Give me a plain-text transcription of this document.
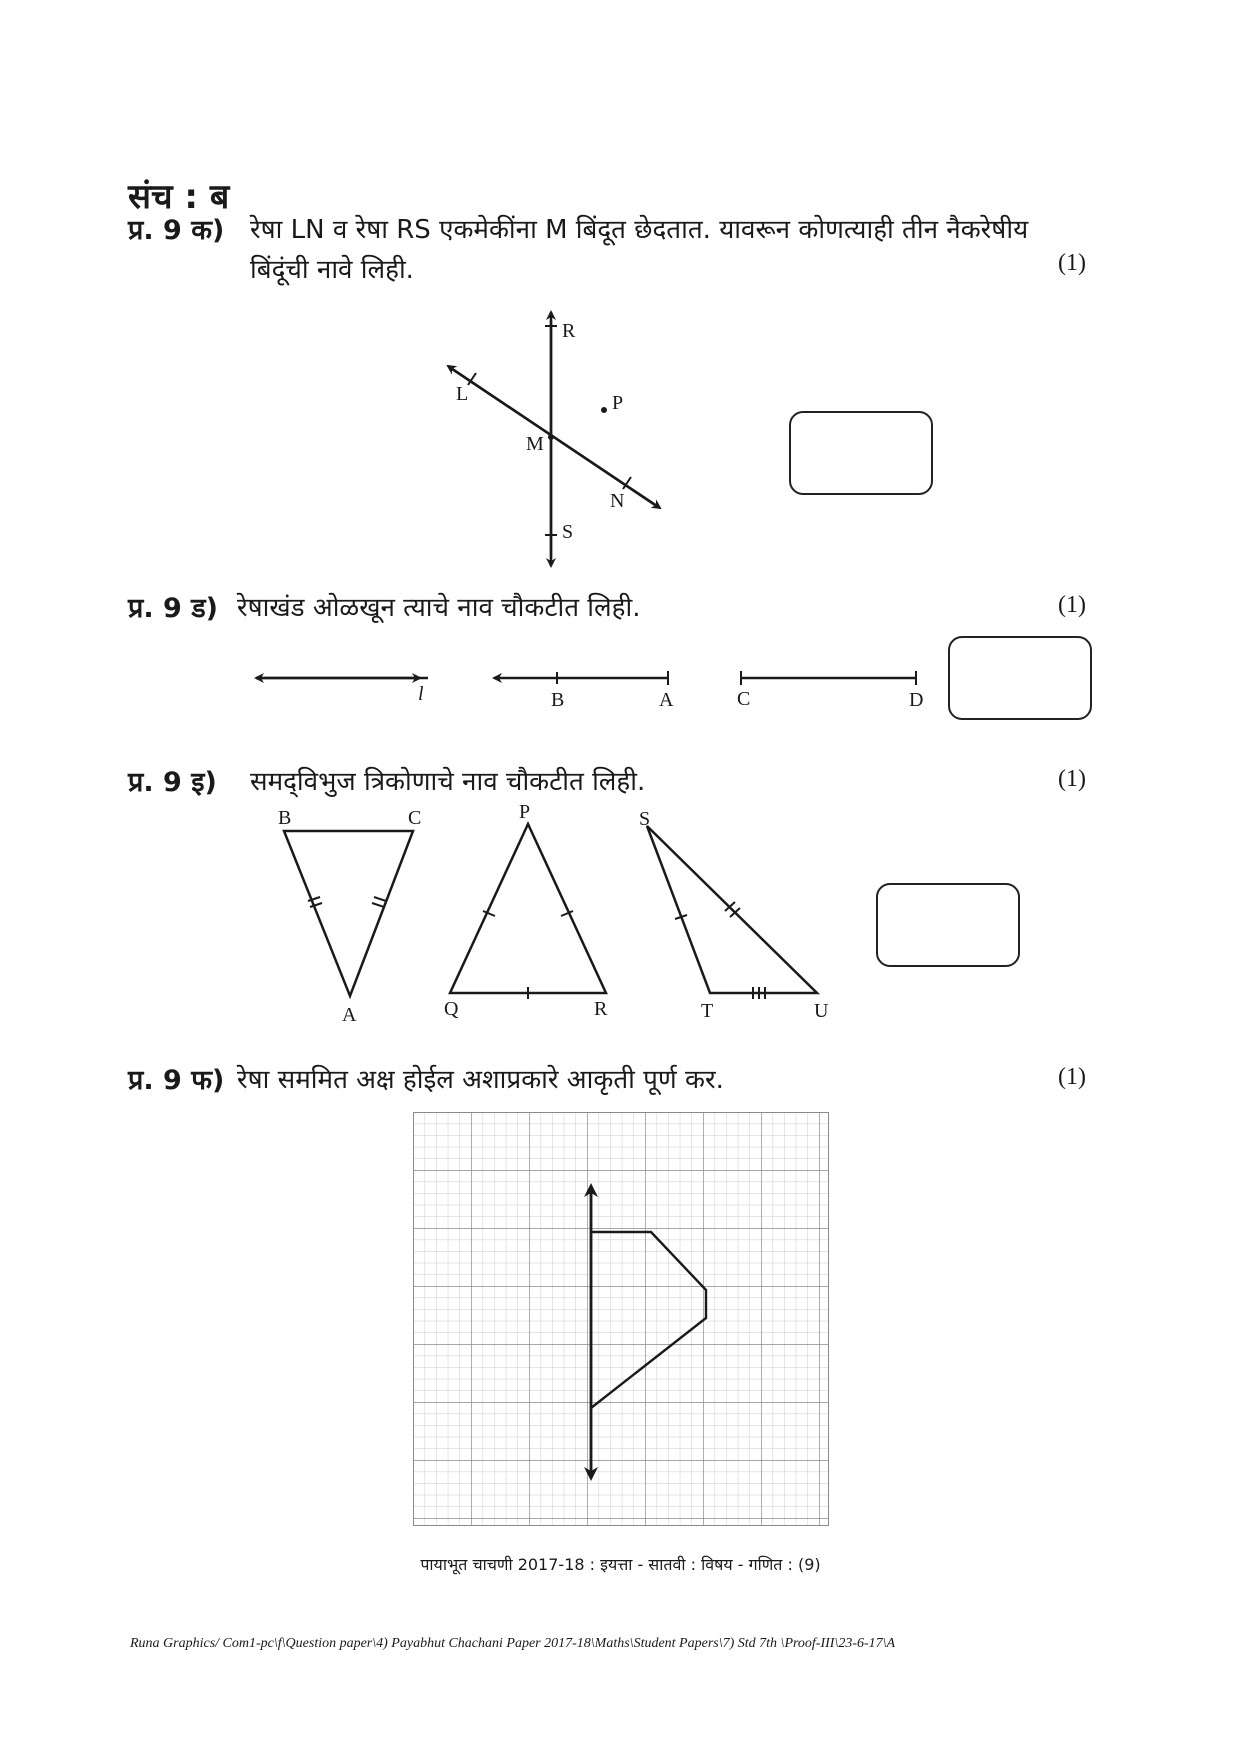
संच : ब
प्र. 9 क) रेषा LN व रेषा RS एकमेकींना M बिंदूत छेदतात. यावरून कोणत्याही तीन नैकरेषीय
बिंदूंची नावे लिही.	(1)
R
L	P
M
N
S
l	B	A	C	D
B	C
A
P
Q	R
S
T	U
प्र. 9 ड) रेषाखंड ओळखून त्याचे नाव चौकटीत लिही.	(1)
प्र. 9 इ) समद्‌विभुज त्रिकोणाचे नाव चौकटीत लिही.	(1)
प्र. 9 फ) रेषा सममित अक्ष होईल अशाप्रकारे आकृती पूर्ण कर.	(1)
पायाभूत चाचणी 2017-18 : इयत्ता - सातवी : विषय - गणित : (9)
Runa Graphics/ Com1-pc\f\Question paper\4) Payabhut Chachani Paper 2017-18\Maths\Student Papers\7) Std 7th \Proof-III\23-6-17\A
